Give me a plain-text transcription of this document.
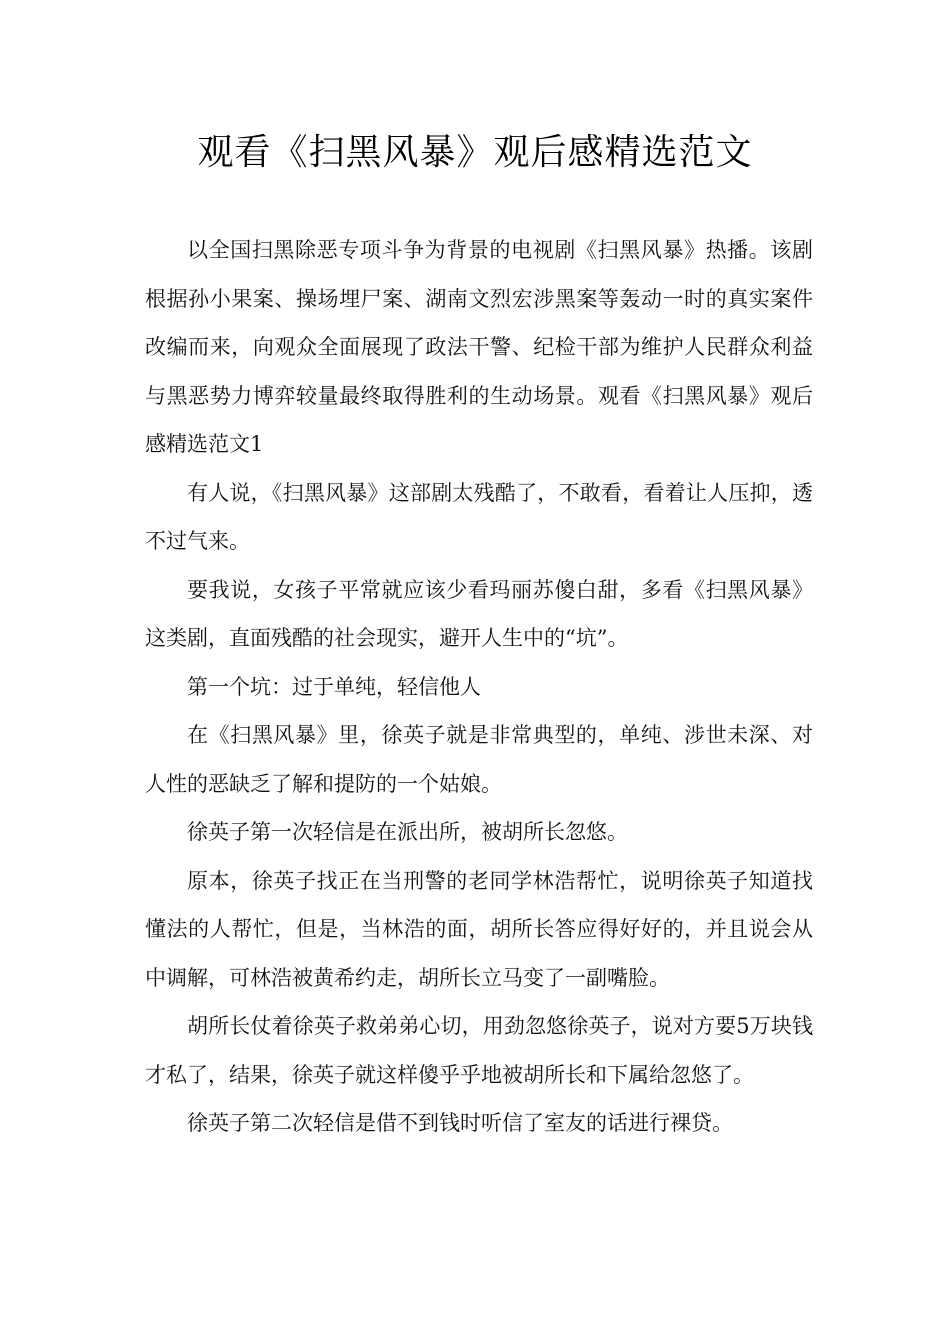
观看《扫黑风暴》观后感精选范文

以全国扫黑除恶专项斗争为背景的电视剧《扫黑风暴》热播。该剧根据孙小果案、操场埋尸案、湖南文烈宏涉黑案等轰动一时的真实案件改编而来，向观众全面展现了政法干警、纪检干部为维护人民群众利益与黑恶势力博弈较量最终取得胜利的生动场景。观看《扫黑风暴》观后感精选范文1

有人说，《扫黑风暴》这部剧太残酷了，不敢看，看着让人压抑，透不过气来。

要我说，女孩子平常就应该少看玛丽苏傻白甜，多看《扫黑风暴》这类剧，直面残酷的社会现实，避开人生中的“坑”。

第一个坑：过于单纯，轻信他人

在《扫黑风暴》里，徐英子就是非常典型的，单纯、涉世未深、对人性的恶缺乏了解和提防的一个姑娘。

徐英子第一次轻信是在派出所，被胡所长忽悠。

原本，徐英子找正在当刑警的老同学林浩帮忙，说明徐英子知道找懂法的人帮忙，但是，当林浩的面，胡所长答应得好好的，并且说会从中调解，可林浩被黄希约走，胡所长立马变了一副嘴脸。

胡所长仗着徐英子救弟弟心切，用劲忽悠徐英子，说对方要5万块钱才私了，结果，徐英子就这样傻乎乎地被胡所长和下属给忽悠了。

徐英子第二次轻信是借不到钱时听信了室友的话进行裸贷。
